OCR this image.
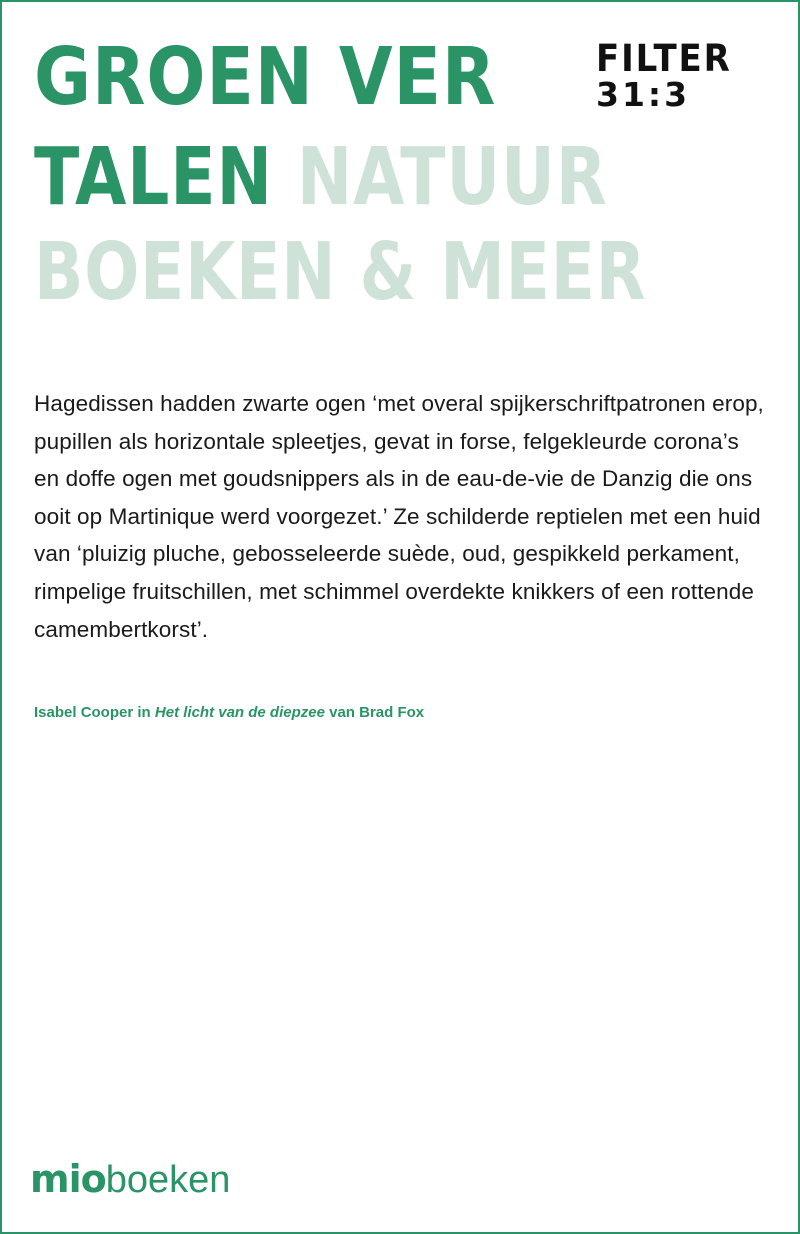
GROEN VER
TALEN NATUUR
BOEKEN & MEER
FILTER
31:3

Hagedissen hadden zwarte ogen ‘met overal spijkerschriftpatronen erop, pupillen als horizontale spleetjes, gevat in forse, felgekleurde corona’s en doffe ogen met goudsnippers als in de eau-de-vie de Danzig die ons ooit op Martinique werd voorgezet.’ Ze schilderde reptielen met een huid van ‘pluizig pluche, gebosseleerde suède, oud, gespikkeld perkament, rimpelige fruitschillen, met schimmel overdekte knikkers of een rottende camembertkorst’.

Isabel Cooper in Het licht van de diepzee van Brad Fox

mioboeken
